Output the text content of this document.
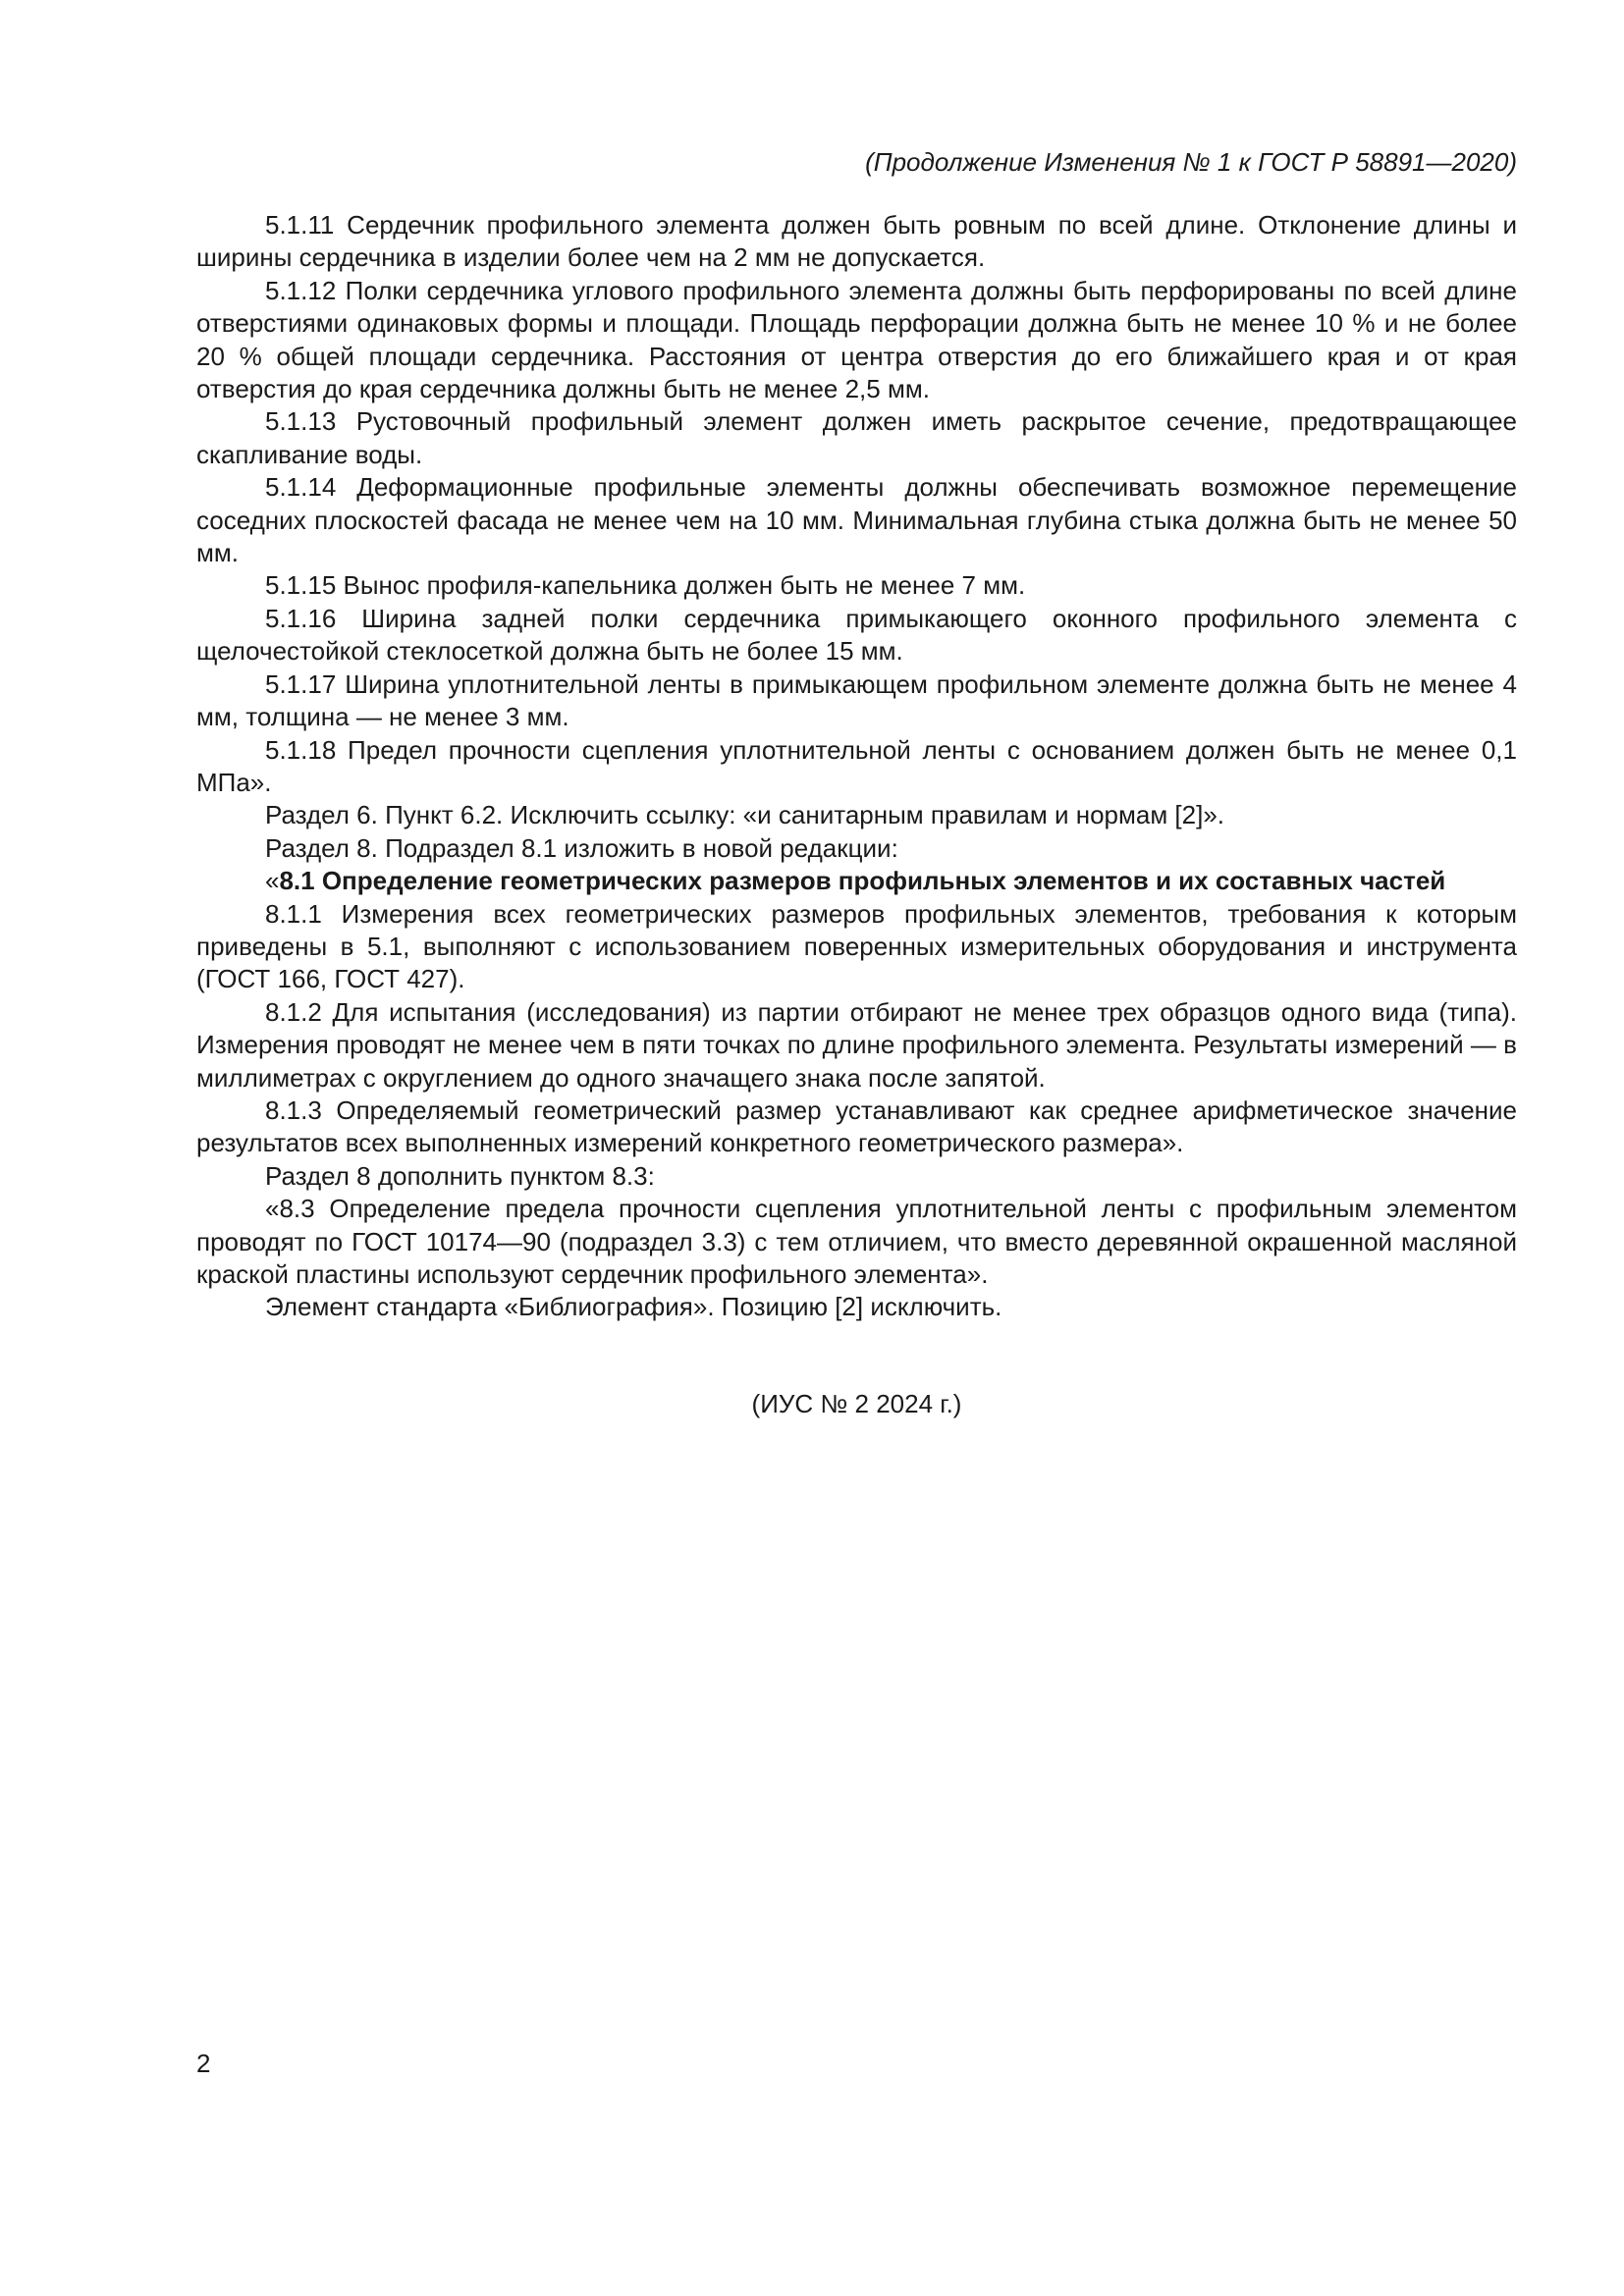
(Продолжение Изменения № 1 к ГОСТ Р 58891—2020)

5.1.11 Сердечник профильного элемента должен быть ровным по всей длине. Отклонение длины и ширины сердечника в изделии более чем на 2 мм не допускается.

5.1.12 Полки сердечника углового профильного элемента должны быть перфорированы по всей длине отверстиями одинаковых формы и площади. Площадь перфорации должна быть не менее 10 % и не более 20 % общей площади сердечника. Расстояния от центра отверстия до его ближайшего края и от края отверстия до края сердечника должны быть не менее 2,5 мм.

5.1.13 Рустовочный профильный элемент должен иметь раскрытое сечение, предотвращающее скапливание воды.

5.1.14 Деформационные профильные элементы должны обеспечивать возможное перемещение соседних плоскостей фасада не менее чем на 10 мм. Минимальная глубина стыка должна быть не менее 50 мм.

5.1.15 Вынос профиля-капельника должен быть не менее 7 мм.

5.1.16 Ширина задней полки сердечника примыкающего оконного профильного элемента с щелочестойкой стеклосеткой должна быть не более 15 мм.

5.1.17 Ширина уплотнительной ленты в примыкающем профильном элементе должна быть не менее 4 мм, толщина — не менее 3 мм.

5.1.18 Предел прочности сцепления уплотнительной ленты с основанием должен быть не менее 0,1 МПа».

Раздел 6. Пункт 6.2. Исключить ссылку: «и санитарным правилам и нормам [2]».

Раздел 8. Подраздел 8.1 изложить в новой редакции:

«8.1 Определение геометрических размеров профильных элементов и их составных частей

8.1.1 Измерения всех геометрических размеров профильных элементов, требования к которым приведены в 5.1, выполняют с использованием поверенных измерительных оборудования и инструмента (ГОСТ 166, ГОСТ 427).

8.1.2 Для испытания (исследования) из партии отбирают не менее трех образцов одного вида (типа). Измерения проводят не менее чем в пяти точках по длине профильного элемента. Результаты измерений — в миллиметрах с округлением до одного значащего знака после запятой.

8.1.3 Определяемый геометрический размер устанавливают как среднее арифметическое значение результатов всех выполненных измерений конкретного геометрического размера».

Раздел 8 дополнить пунктом 8.3:

«8.3 Определение предела прочности сцепления уплотнительной ленты с профильным элементом проводят по ГОСТ 10174—90 (подраздел 3.3) с тем отличием, что вместо деревянной окрашенной масляной краской пластины используют сердечник профильного элемента».

Элемент стандарта «Библиография». Позицию [2] исключить.

(ИУС № 2 2024 г.)
2
